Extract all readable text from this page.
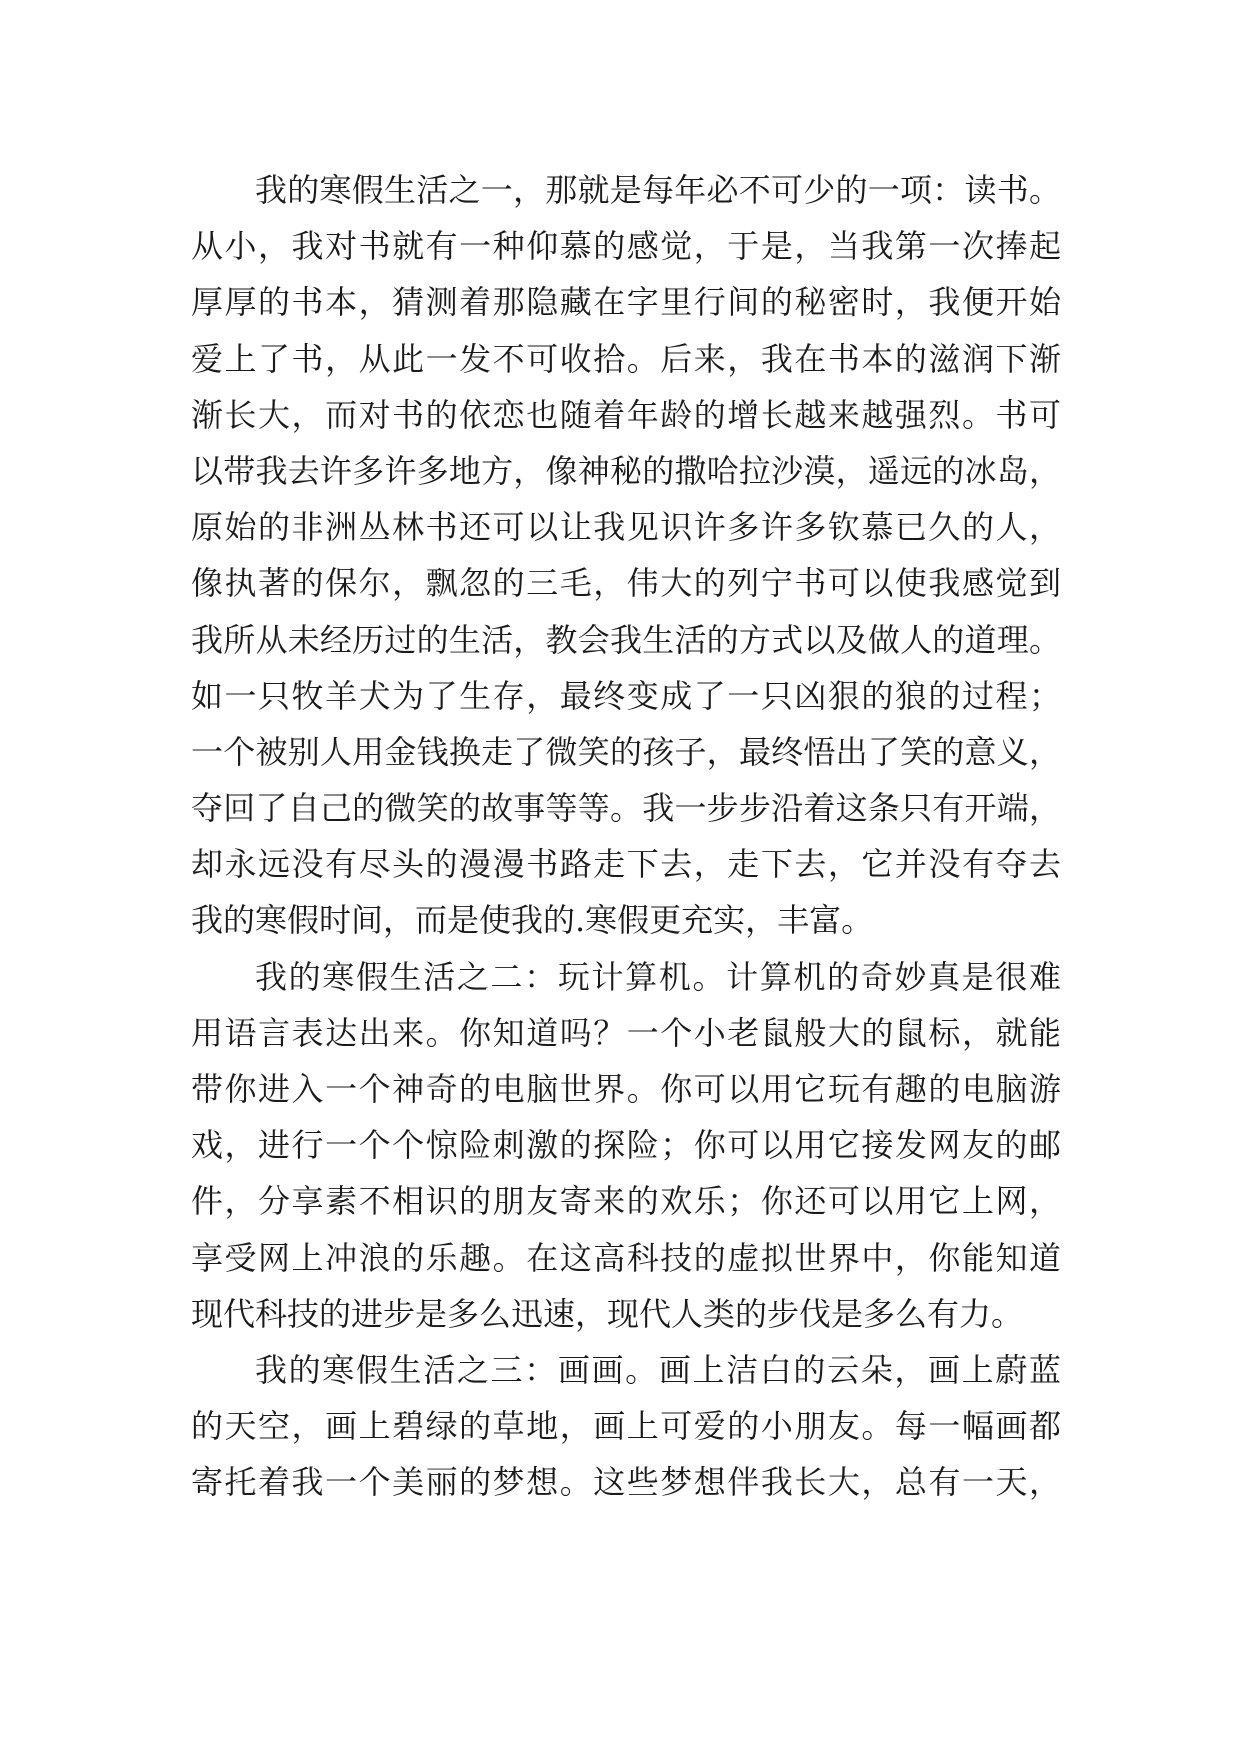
我的寒假生活之一，那就是每年必不可少的一项：读书。
从小，我对书就有一种仰慕的感觉，于是，当我第一次捧起
厚厚的书本，猜测着那隐藏在字里行间的秘密时，我便开始
爱上了书，从此一发不可收拾。后来，我在书本的滋润下渐
渐长大，而对书的依恋也随着年龄的增长越来越强烈。书可
以带我去许多许多地方，像神秘的撒哈拉沙漠，遥远的冰岛，
原始的非洲丛林书还可以让我见识许多许多钦慕已久的人，
像执著的保尔，飘忽的三毛，伟大的列宁书可以使我感觉到
我所从未经历过的生活，教会我生活的方式以及做人的道理。
如一只牧羊犬为了生存，最终变成了一只凶狠的狼的过程；
一个被别人用金钱换走了微笑的孩子，最终悟出了笑的意义，
夺回了自己的微笑的故事等等。我一步步沿着这条只有开端，
却永远没有尽头的漫漫书路走下去，走下去，它并没有夺去
我的寒假时间，而是使我的.寒假更充实，丰富。
我的寒假生活之二：玩计算机。计算机的奇妙真是很难
用语言表达出来。你知道吗？一个小老鼠般大的鼠标，就能
带你进入一个神奇的电脑世界。你可以用它玩有趣的电脑游
戏，进行一个个惊险刺激的探险；你可以用它接发网友的邮
件，分享素不相识的朋友寄来的欢乐；你还可以用它上网，
享受网上冲浪的乐趣。在这高科技的虚拟世界中，你能知道
现代科技的进步是多么迅速，现代人类的步伐是多么有力。
我的寒假生活之三：画画。画上洁白的云朵，画上蔚蓝
的天空，画上碧绿的草地，画上可爱的小朋友。每一幅画都
寄托着我一个美丽的梦想。这些梦想伴我长大，总有一天，
